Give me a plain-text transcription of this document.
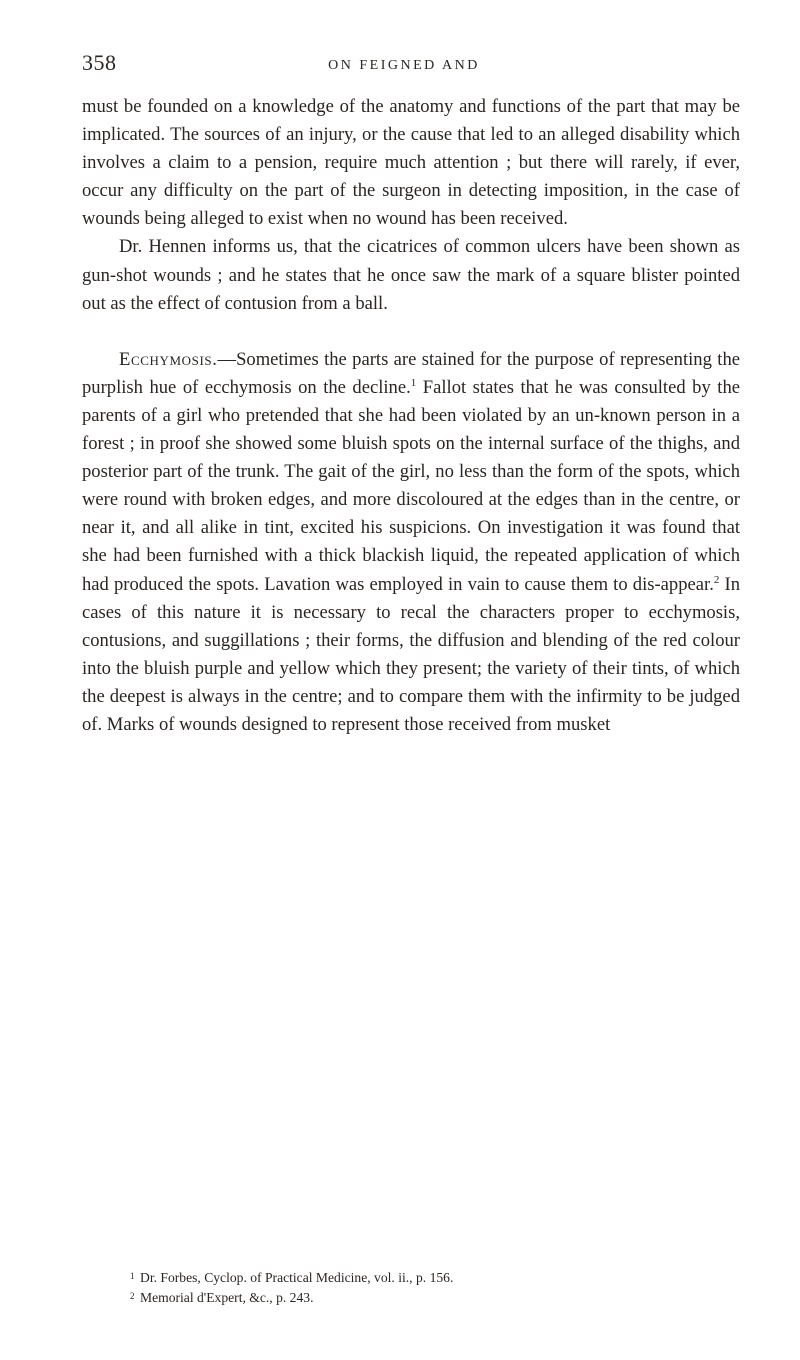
358	ON FEIGNED AND

must be founded on a knowledge of the anatomy and functions of the part that may be implicated. The sources of an injury, or the cause that led to an alleged disability which involves a claim to a pension, require much attention ; but there will rarely, if ever, occur any difficulty on the part of the surgeon in detecting imposition, in the case of wounds being alleged to exist when no wound has been received.

Dr. Hennen informs us, that the cicatrices of common ulcers have been shown as gun-shot wounds ; and he states that he once saw the mark of a square blister pointed out as the effect of contusion from a ball.

Ecchymosis.—Sometimes the parts are stained for the purpose of representing the purplish hue of ecchymosis on the decline.$^1$ Fallot states that he was consulted by the parents of a girl who pretended that she had been violated by an un-known person in a forest ; in proof she showed some bluish spots on the internal surface of the thighs, and posterior part of the trunk. The gait of the girl, no less than the form of the spots, which were round with broken edges, and more discoloured at the edges than in the centre, or near it, and all alike in tint, excited his suspicions. On investigation it was found that she had been furnished with a thick blackish liquid, the repeated application of which had produced the spots. Lavation was employed in vain to cause them to dis-appear.$^2$ In cases of this nature it is necessary to recal the characters proper to ecchymosis, contusions, and suggillations ; their forms, the diffusion and blending of the red colour into the bluish purple and yellow which they present; the variety of their tints, of which the deepest is always in the centre; and to compare them with the infirmity to be judged of. Marks of wounds designed to represent those received from musket

1 Dr. Forbes, Cyclop. of Practical Medicine, vol. ii., p. 156.
2 Memorial d'Expert, &c., p. 243.
